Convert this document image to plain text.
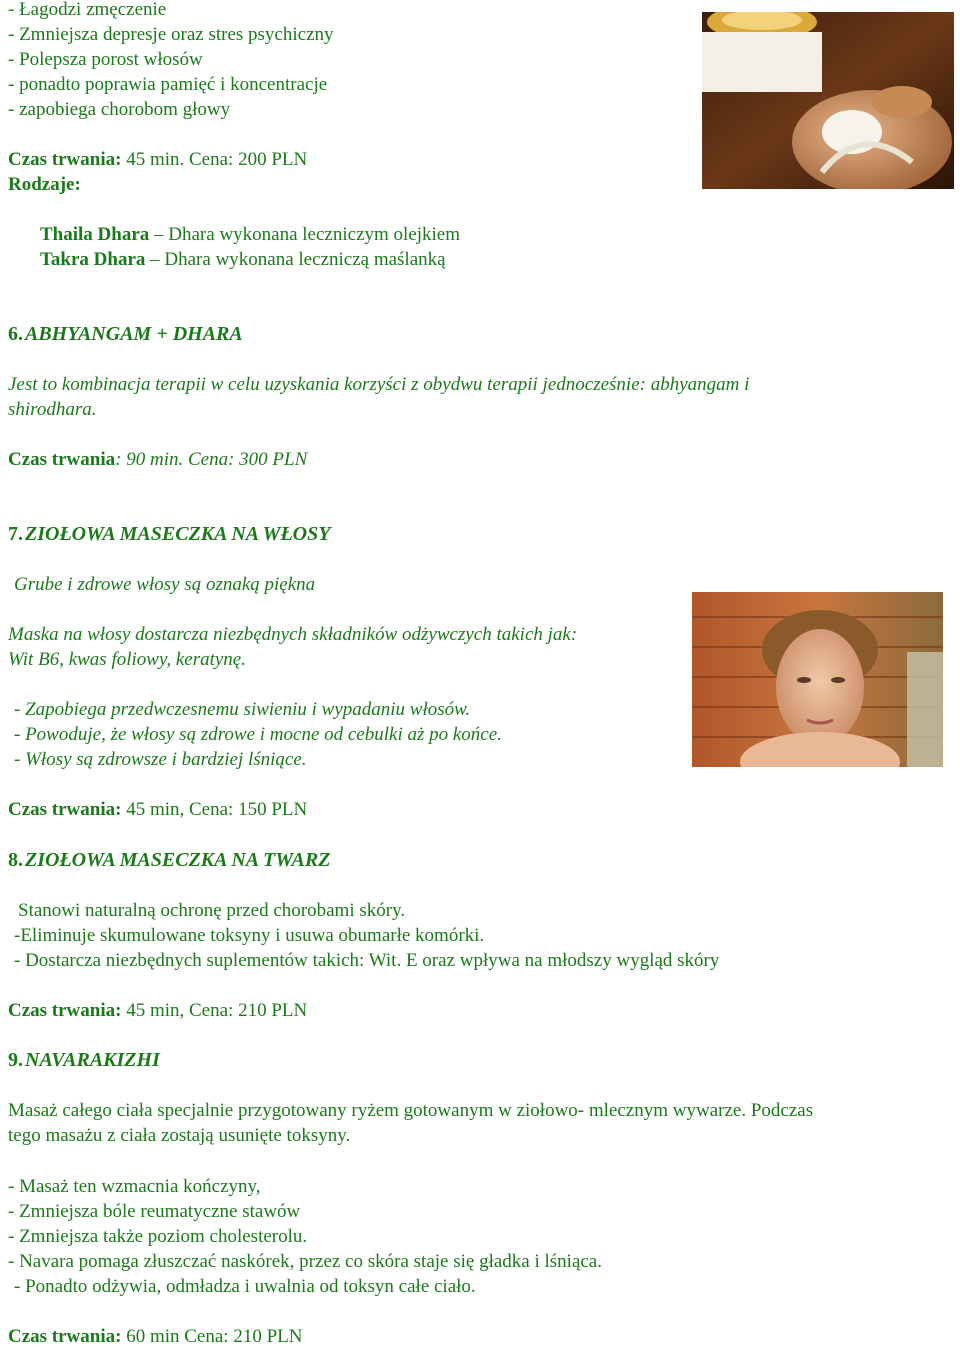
- Łagodzi zmęczenie
- Zmniejsza depresje oraz stres psychiczny
- Polepsza porost włosów
- ponadto poprawia pamięć i koncentracje
- zapobiega chorobom głowy
Czas trwania: 45 min. Cena: 200 PLN
Rodzaje:
Thaila Dhara – Dhara wykonana leczniczym olejkiem
Takra Dhara – Dhara wykonana leczniczą maślanką
6. ABHYANGAM + DHARA
Jest to kombinacja terapii w celu uzyskania korzyści z obydwu terapii jednocześnie: abhyangam i
shirodhara.
Czas trwania: 90 min. Cena: 300 PLN
7. ZIOŁOWA MASECZKA NA WŁOSY
Grube i zdrowe włosy są oznaką piękna
Maska na włosy dostarcza niezbędnych składników odżywczych takich jak:
Wit B6, kwas foliowy, keratynę.
- Zapobiega przedwczesnemu siwieniu i wypadaniu włosów.
- Powoduje, że włosy są zdrowe i mocne od cebulki aż po końce.
- Włosy są zdrowsze i bardziej lśniące.
Czas trwania: 45 min, Cena: 150 PLN
8. ZIOŁOWA MASECZKA NA TWARZ
Stanowi naturalną ochronę przed chorobami skóry.
-Eliminuje skumulowane toksyny i usuwa obumarłe komórki.
- Dostarcza niezbędnych suplementów takich: Wit. E oraz wpływa na młodszy wygląd skóry
Czas trwania: 45 min, Cena: 210 PLN
9. NAVARAKIZHI
Masaż całego ciała specjalnie przygotowany ryżem gotowanym w ziołowo- mlecznym wywarze. Podczas
tego masażu z ciała zostają usunięte toksyny.
- Masaż ten wzmacnia kończyny,
- Zmniejsza bóle reumatyczne stawów
- Zmniejsza także poziom cholesterolu.
- Navara pomaga złuszczać naskórek, przez co skóra staje się gładka i lśniąca.
- Ponadto odżywia, odmładza i uwalnia od toksyn całe ciało.
Czas trwania: 60 min Cena: 210 PLN
